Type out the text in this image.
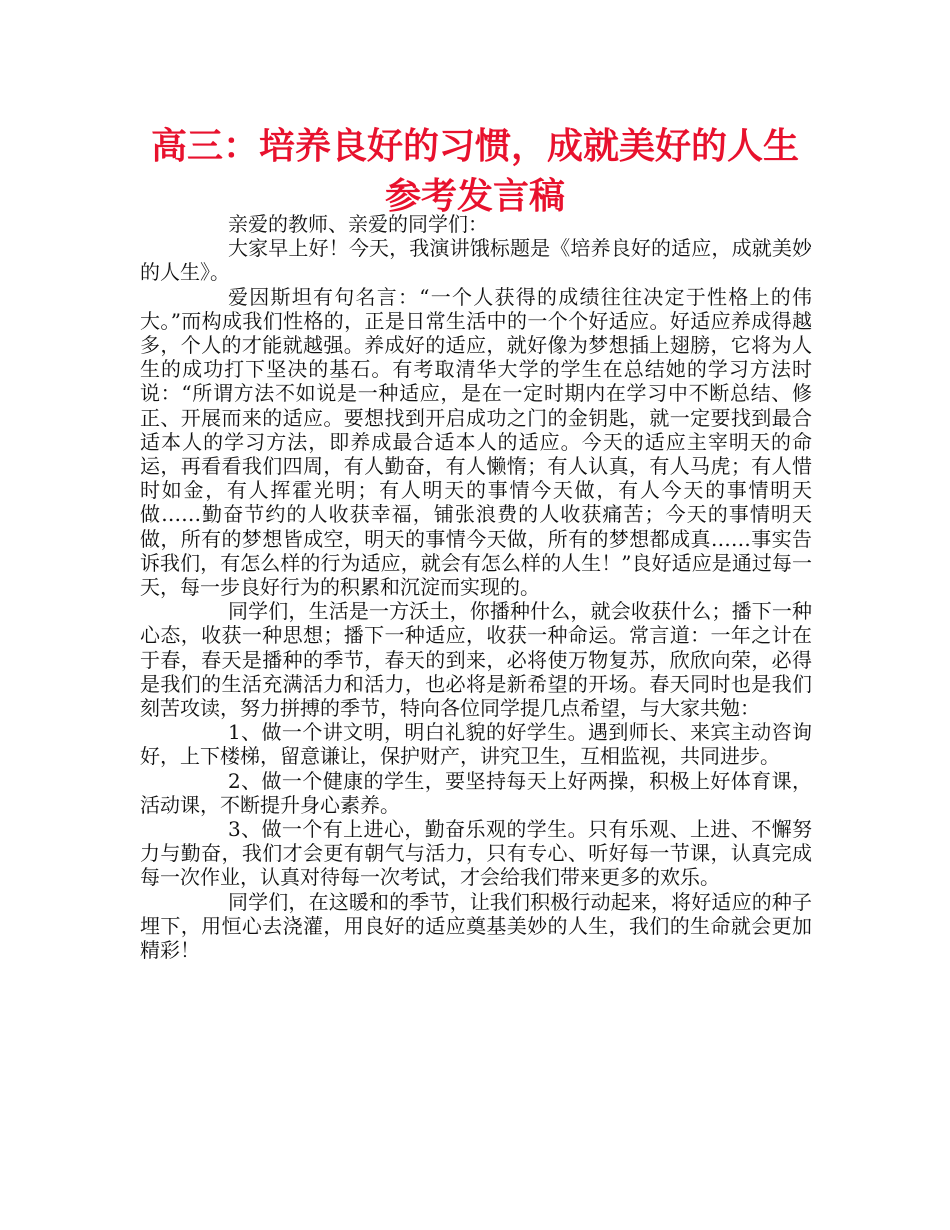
高三：培养良好的习惯，成就美好的人生
参考发言稿

亲爱的教师、亲爱的同学们：

大家早上好！今天，我演讲饿标题是《培养良好的适应，成就美妙的人生》。

爱因斯坦有句名言：“一个人获得的成绩往往决定于性格上的伟大。”而构成我们性格的，正是日常生活中的一个个好适应。好适应养成得越多，个人的才能就越强。养成好的适应，就好像为梦想插上翅膀，它将为人生的成功打下坚决的基石。有考取清华大学的学生在总结她的学习方法时说：“所谓方法不如说是一种适应，是在一定时期内在学习中不断总结、修正、开展而来的适应。要想找到开启成功之门的金钥匙，就一定要找到最合适本人的学习方法，即养成最合适本人的适应。今天的适应主宰明天的命运，再看看我们四周，有人勤奋，有人懒惰；有人认真，有人马虎；有人惜时如金，有人挥霍光明；有人明天的事情今天做，有人今天的事情明天做……勤奋节约的人收获幸福，铺张浪费的人收获痛苦；今天的事情明天做，所有的梦想皆成空，明天的事情今天做，所有的梦想都成真……事实告诉我们，有怎么样的行为适应，就会有怎么样的人生！”良好适应是通过每一天，每一步良好行为的积累和沉淀而实现的。

同学们，生活是一方沃土，你播种什么，就会收获什么；播下一种心态，收获一种思想；播下一种适应，收获一种命运。常言道：一年之计在于春，春天是播种的季节，春天的到来，必将使万物复苏，欣欣向荣，必得是我们的生活充满活力和活力，也必将是新希望的开场。春天同时也是我们刻苦攻读，努力拼搏的季节，特向各位同学提几点希望，与大家共勉：

1、做一个讲文明，明白礼貌的好学生。遇到师长、来宾主动咨询好，上下楼梯，留意谦让，保护财产，讲究卫生，互相监视，共同进步。

2、做一个健康的学生，要坚持每天上好两操，积极上好体育课，活动课，不断提升身心素养。

3、做一个有上进心，勤奋乐观的学生。只有乐观、上进、不懈努力与勤奋，我们才会更有朝气与活力，只有专心、听好每一节课，认真完成每一次作业，认真对待每一次考试，才会给我们带来更多的欢乐。

同学们，在这暖和的季节，让我们积极行动起来，将好适应的种子埋下，用恒心去浇灌，用良好的适应奠基美妙的人生，我们的生命就会更加精彩！
